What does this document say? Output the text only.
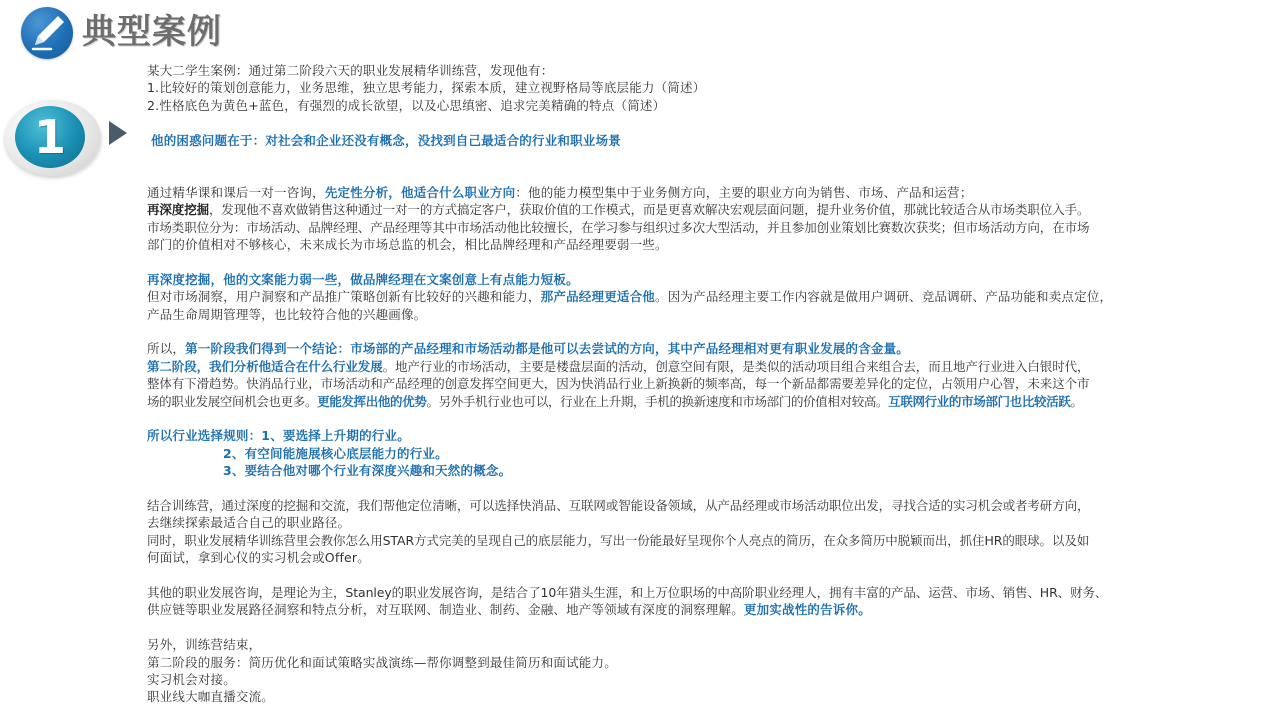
典型案例
1
某大二学生案例：通过第二阶段六天的职业发展精华训练营，发现他有：
1.比较好的策划创意能力，业务思维，独立思考能力，探索本质，建立视野格局等底层能力（简述）
2.性格底色为黄色+蓝色，有强烈的成长欲望，以及心思缜密、追求完美精确的特点（简述）
他的困惑问题在于：对社会和企业还没有概念，没找到自己最适合的行业和职业场景
通过精华课和课后一对一咨询，先定性分析，他适合什么职业方向：他的能力模型集中于业务侧方向，主要的职业方向为销售、市场、产品和运营；
再深度挖掘，发现他不喜欢做销售这种通过一对一的方式搞定客户，获取价值的工作模式，而是更喜欢解决宏观层面问题，提升业务价值，那就比较适合从市场类职位入手。
市场类职位分为：市场活动、品牌经理、产品经理等其中市场活动他比较擅长，在学习参与组织过多次大型活动，并且参加创业策划比赛数次获奖；但市场活动方向，在市场
部门的价值相对不够核心，未来成长为市场总监的机会，相比品牌经理和产品经理要弱一些。
再深度挖掘，他的文案能力弱一些，做品牌经理在文案创意上有点能力短板。
但对市场洞察，用户洞察和产品推广策略创新有比较好的兴趣和能力，那产品经理更适合他。因为产品经理主要工作内容就是做用户调研、竞品调研、产品功能和卖点定位，
产品生命周期管理等，也比较符合他的兴趣画像。
所以，第一阶段我们得到一个结论：市场部的产品经理和市场活动都是他可以去尝试的方向，其中产品经理相对更有职业发展的含金量。
第二阶段，我们分析他适合在什么行业发展。地产行业的市场活动，主要是楼盘层面的活动，创意空间有限，是类似的活动项目组合来组合去，而且地产行业进入白银时代，
整体有下滑趋势。快消品行业，市场活动和产品经理的创意发挥空间更大，因为快消品行业上新换新的频率高，每一个新品都需要差异化的定位，占领用户心智，未来这个市
场的职业发展空间机会也更多。更能发挥出他的优势。另外手机行业也可以，行业在上升期，手机的换新速度和市场部门的价值相对较高。互联网行业的市场部门也比较活跃。
所以行业选择规则：1、要选择上升期的行业。
2、有空间能施展核心底层能力的行业。
3、要结合他对哪个行业有深度兴趣和天然的概念。
结合训练营，通过深度的挖掘和交流，我们帮他定位清晰，可以选择快消品、互联网或智能设备领域，从产品经理或市场活动职位出发，寻找合适的实习机会或者考研方向，
去继续探索最适合自己的职业路径。
同时，职业发展精华训练营里会教你怎么用STAR方式完美的呈现自己的底层能力，写出一份能最好呈现你个人亮点的简历，在众多简历中脱颖而出，抓住HR的眼球。以及如
何面试，拿到心仪的实习机会或Offer。
其他的职业发展咨询，是理论为主，Stanley的职业发展咨询，是结合了10年猎头生涯，和上万位职场的中高阶职业经理人，拥有丰富的产品、运营、市场、销售、HR、财务、
供应链等职业发展路径洞察和特点分析，对互联网、制造业、制药、金融、地产等领域有深度的洞察理解。更加实战性的告诉你。
另外，训练营结束，
第二阶段的服务：简历优化和面试策略实战演练—帮你调整到最佳简历和面试能力。
实习机会对接。
职业线大咖直播交流。
